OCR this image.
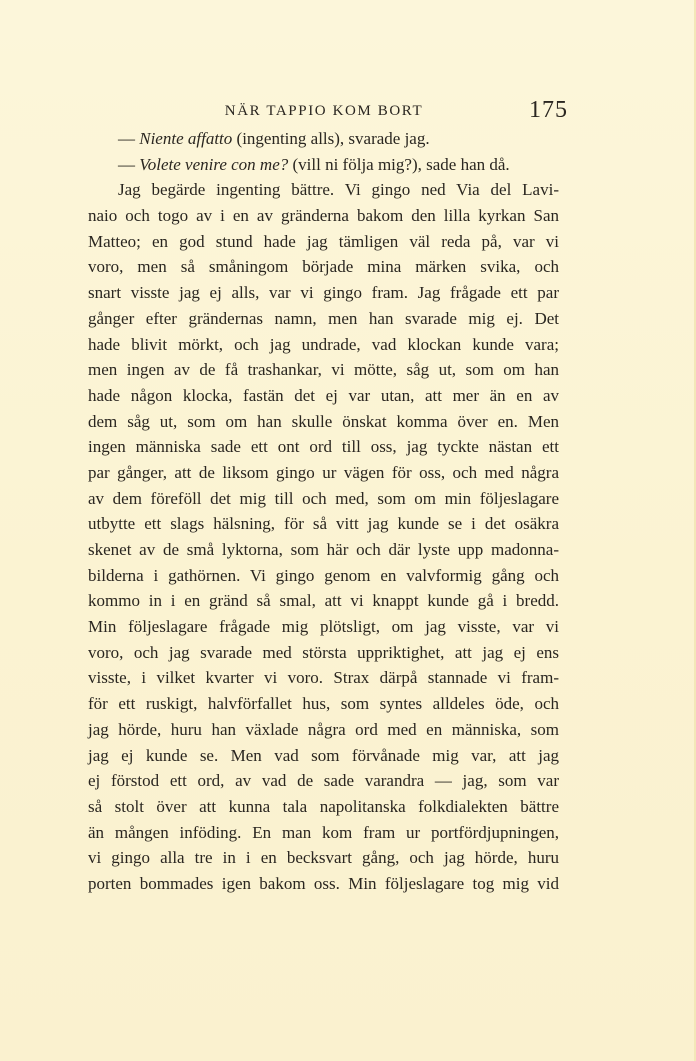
NÄR TAPPIO KOM BORT	175
— Niente affatto (ingenting alls), svarade jag.
— Volete venire con me? (vill ni följa mig?), sade han då.
Jag begärde ingenting bättre. Vi gingo ned Via del Lavi-
naio och togo av i en av gränderna bakom den lilla kyrkan San
Matteo; en god stund hade jag tämligen väl reda på, var vi
voro, men så småningom började mina märken svika, och
snart visste jag ej alls, var vi gingo fram. Jag frågade ett par
gånger efter grändernas namn, men han svarade mig ej. Det
hade blivit mörkt, och jag undrade, vad klockan kunde vara;
men ingen av de få trashankar, vi mötte, såg ut, som om han
hade någon klocka, fastän det ej var utan, att mer än en av
dem såg ut, som om han skulle önskat komma över en. Men
ingen människa sade ett ont ord till oss, jag tyckte nästan ett
par gånger, att de liksom gingo ur vägen för oss, och med några
av dem föreföll det mig till och med, som om min följeslagare
utbytte ett slags hälsning, för så vitt jag kunde se i det osäkra
skenet av de små lyktorna, som här och där lyste upp madonna-
bilderna i gathörnen. Vi gingo genom en valvformig gång och
kommo in i en gränd så smal, att vi knappt kunde gå i bredd.
Min följeslagare frågade mig plötsligt, om jag visste, var vi
voro, och jag svarade med största uppriktighet, att jag ej ens
visste, i vilket kvarter vi voro. Strax därpå stannade vi fram-
för ett ruskigt, halvförfallet hus, som syntes alldeles öde, och
jag hörde, huru han växlade några ord med en människa, som
jag ej kunde se. Men vad som förvånade mig var, att jag
ej förstod ett ord, av vad de sade varandra — jag, som var
så stolt över att kunna tala napolitanska folkdialekten bättre
än mången inföding. En man kom fram ur portfördjupningen,
vi gingo alla tre in i en becksvart gång, och jag hörde, huru
porten bommades igen bakom oss. Min följeslagare tog mig vid
